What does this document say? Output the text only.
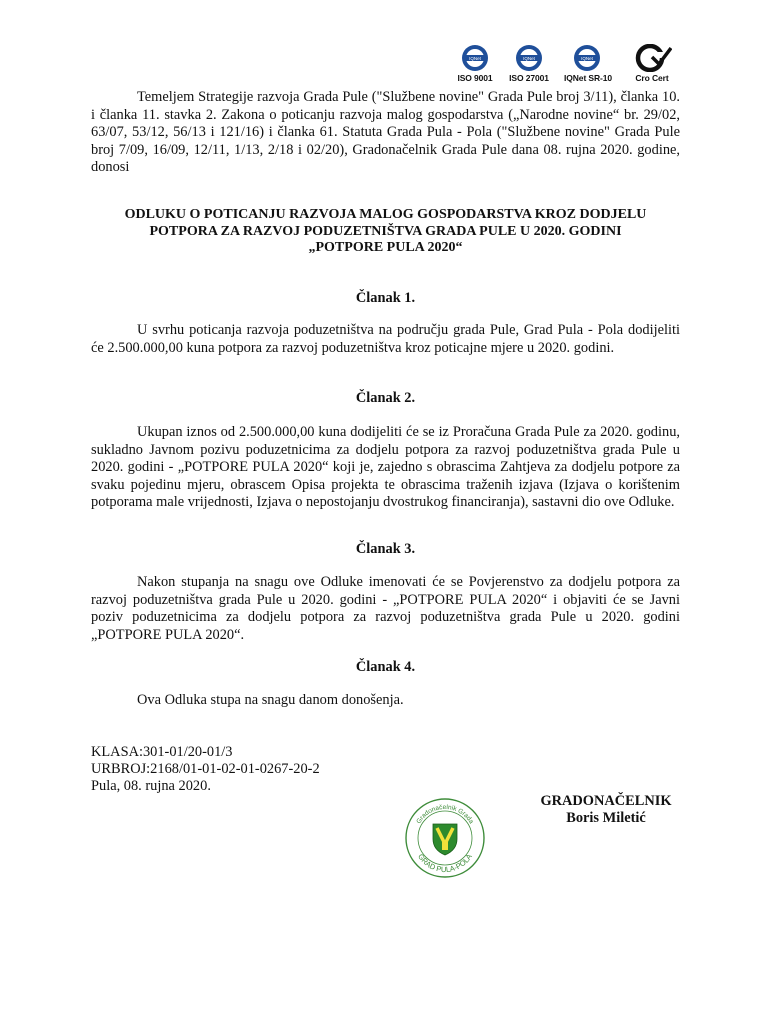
IQNet
ISO 9001
IQNet
ISO 27001
IQNet
IQNet SR-10	Cro Cert

Temeljem Strategije razvoja Grada Pule ("Službene novine" Grada Pule broj 3/11), članka 10. i članka 11. stavka 2. Zakona o poticanju razvoja malog gospodarstva („Narodne novine“ br. 29/02, 63/07, 53/12, 56/13 i 121/16) i članka 61. Statuta Grada Pula - Pola ("Službene novine" Grada Pule broj 7/09, 16/09, 12/11, 1/13, 2/18 i 02/20), Gradonačelnik Grada Pule dana 08. rujna 2020. godine, donosi

ODLUKU O POTICANJU RAZVOJA MALOG GOSPODARSTVA KROZ DODJELU
POTPORA ZA RAZVOJ PODUZETNIŠTVA GRADA PULE U 2020. GODINI
„POTPORE PULA 2020“
Članak 1.

U svrhu poticanja razvoja poduzetništva na području grada Pule, Grad Pula - Pola dodijeliti će 2.500.000,00 kuna potpora za razvoj poduzetništva kroz poticajne mjere u 2020. godini.

Članak 2.

Ukupan iznos od 2.500.000,00 kuna dodijeliti će se iz Proračuna Grada Pule za 2020. godinu, sukladno Javnom pozivu poduzetnicima za dodjelu potpora za razvoj poduzetništva grada Pule u 2020. godini - „POTPORE PULA 2020“ koji je, zajedno s obrascima Zahtjeva za dodjelu potpore za svaku pojedinu mjeru, obrascem Opisa projekta te obrascima traženih izjava (Izjava o korištenim potporama male vrijednosti, Izjava o nepostojanju dvostrukog financiranja), sastavni dio ove Odluke.

Članak 3.

Nakon stupanja na snagu ove Odluke imenovati će se Povjerenstvo za dodjelu potpora za razvoj poduzetništva grada Pule u 2020. godini - „POTPORE PULA 2020“ i objaviti će se Javni poziv poduzetnicima za dodjelu potpora za razvoj poduzetništva grada Pule u 2020. godini „POTPORE PULA 2020“.

Članak 4.

Ova Odluka stupa na snagu danom donošenja.

KLASA:301-01/20-01/3
URBROJ:2168/01-01-02-01-0267-20-2
Pula, 08. rujna 2020.
Gradonačelnik Grada
GRAD PULA-POLA
GRADONAČELNIK
Boris Miletić
